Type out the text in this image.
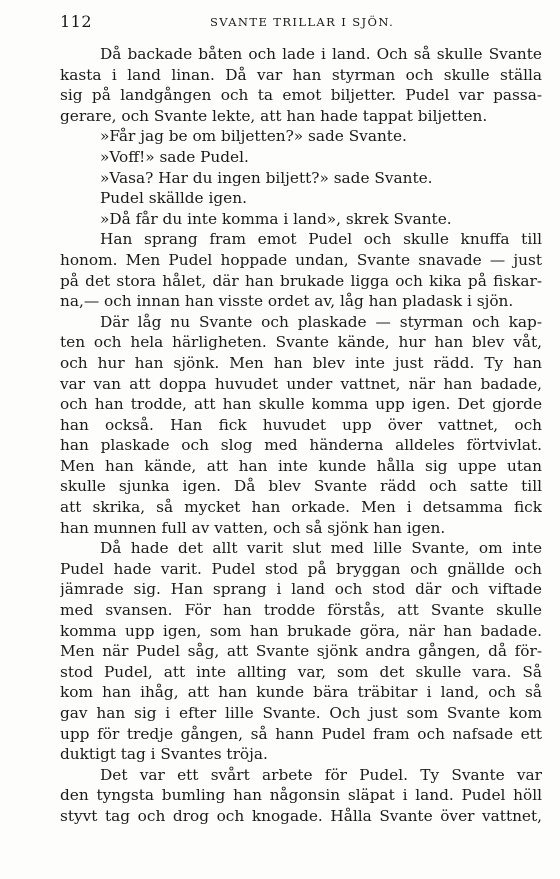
112	SVANTE TRILLAR I SJÖN.
Då backade båten och lade i land. Och så skulle Svante
kasta i land linan. Då var han styrman och skulle ställa
sig på landgången och ta emot biljetter. Pudel var passa-
gerare, och Svante lekte, att han hade tappat biljetten.
»Får jag be om biljetten?» sade Svante.
»Voff!» sade Pudel.
»Vasa? Har du ingen biljett?» sade Svante.
Pudel skällde igen.
»Då får du inte komma i land», skrek Svante.
Han sprang fram emot Pudel och skulle knuffa till
honom. Men Pudel hoppade undan, Svante snavade — just
på det stora hålet, där han brukade ligga och kika på fiskar-
na,— och innan han visste ordet av, låg han pladask i sjön.
Där låg nu Svante och plaskade — styrman och kap-
ten och hela härligheten. Svante kände, hur han blev våt,
och hur han sjönk. Men han blev inte just rädd. Ty han
var van att doppa huvudet under vattnet, när han badade,
och han trodde, att han skulle komma upp igen. Det gjorde
han också. Han fick huvudet upp över vattnet, och
han plaskade och slog med händerna alldeles förtvivlat.
Men han kände, att han inte kunde hålla sig uppe utan
skulle sjunka igen. Då blev Svante rädd och satte till
att skrika, så mycket han orkade. Men i detsamma fick
han munnen full av vatten, och så sjönk han igen.
Då hade det allt varit slut med lille Svante, om inte
Pudel hade varit. Pudel stod på bryggan och gnällde och
jämrade sig. Han sprang i land och stod där och viftade
med svansen. För han trodde förstås, att Svante skulle
komma upp igen, som han brukade göra, när han badade.
Men när Pudel såg, att Svante sjönk andra gången, då för-
stod Pudel, att inte allting var, som det skulle vara. Så
kom han ihåg, att han kunde bära träbitar i land, och så
gav han sig i efter lille Svante. Och just som Svante kom
upp för tredje gången, så hann Pudel fram och nafsade ett
duktigt tag i Svantes tröja.
Det var ett svårt arbete för Pudel. Ty Svante var
den tyngsta bumling han någonsin släpat i land. Pudel höll
styvt tag och drog och knogade. Hålla Svante över vattnet,
